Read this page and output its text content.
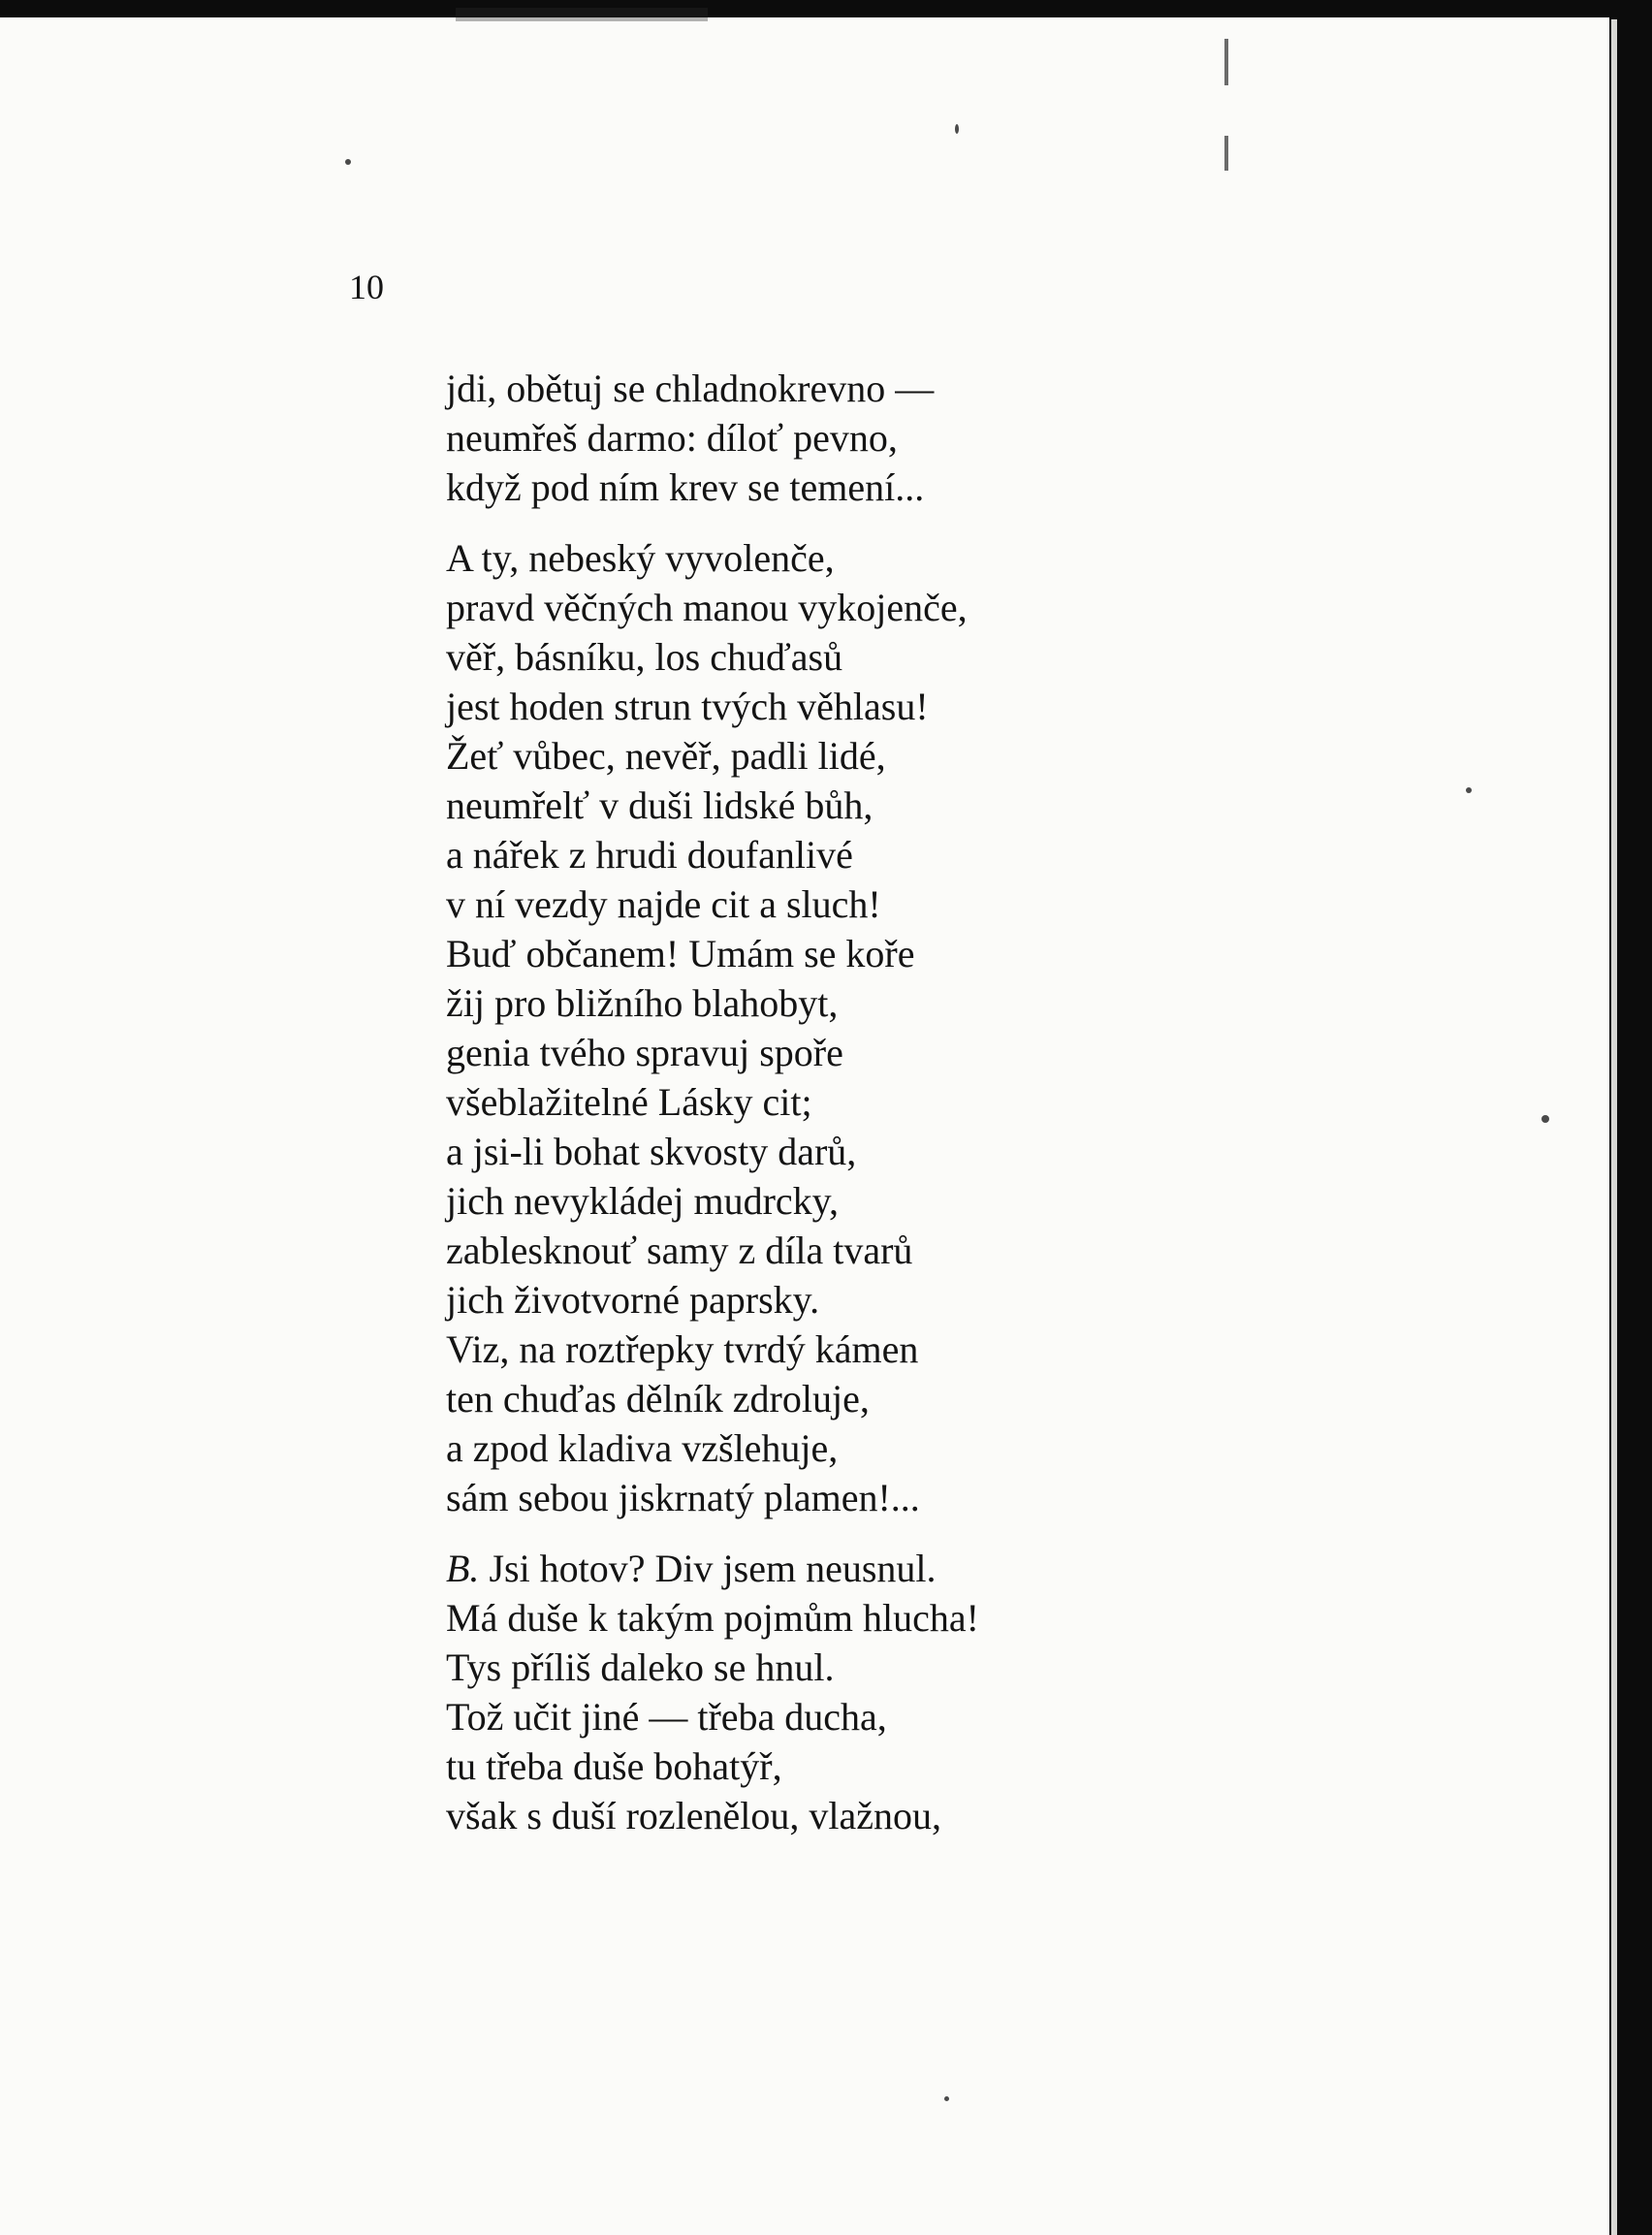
10
jdi, obětuj se chladnokrevno —
neumřeš darmo: díloť pevno,
když pod ním krev se temení...
A ty, nebeský vyvolenče,
pravd věčných manou vykojenče,
věř, básníku, los chuďasů
jest hoden strun tvých věhlasu!
Žeť vůbec, nevěř, padli lidé,
neumřelť v duši lidské bůh,
a nářek z hrudi doufanlivé
v ní vezdy najde cit a sluch!
Buď občanem! Umám se koře
žij pro bližního blahobyt,
genia tvého spravuj spoře
všeblažitelné Lásky cit;
a jsi-li bohat skvosty darů,
jich nevykládej mudrcky,
zablesknouť samy z díla tvarů
jich životvorné paprsky.
Viz, na roztřepky tvrdý kámen
ten chuďas dělník zdroluje,
a zpod kladiva vzšlehuje,
sám sebou jiskrnatý plamen!...
B. Jsi hotov? Div jsem neusnul.
Má duše k takým pojmům hlucha!
Tys příliš daleko se hnul.
Tož učit jiné — třeba ducha,
tu třeba duše bohatýř,
však s duší rozlenělou, vlažnou,
